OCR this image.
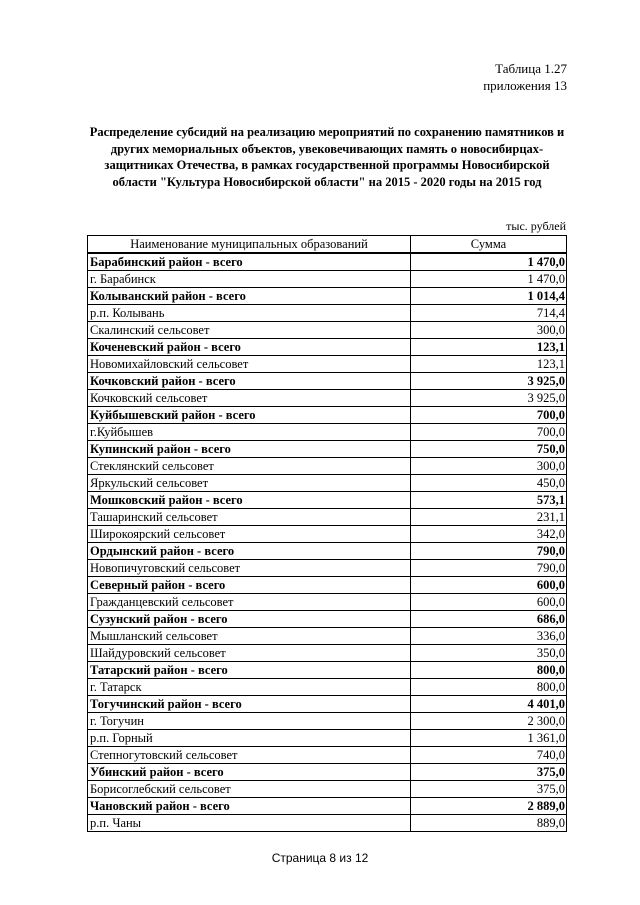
Таблица 1.27
приложения 13
Распределение субсидий на реализацию мероприятий по сохранению памятников и других мемориальных объектов, увековечивающих память о новосибирцах-защитниках Отечества, в рамках государственной программы Новосибирской области "Культура Новосибирской области" на 2015 - 2020 годы на 2015 год
тыс. рублей
Наименование муниципальных образований	Сумма
Барабинский район - всего	1 470,0
г. Барабинск	1 470,0
Колыванский район - всего	1 014,4
р.п. Колывань	714,4
Скалинский сельсовет	300,0
Коченевский район - всего	123,1
Новомихайловский сельсовет	123,1
Кочковский район - всего	3 925,0
Кочковский сельсовет	3 925,0
Куйбышевский район - всего	700,0
г.Куйбышев	700,0
Купинский район - всего	750,0
Стеклянский сельсовет	300,0
Яркульский сельсовет	450,0
Мошковский район - всего	573,1
Ташаринский сельсовет	231,1
Широкоярский сельсовет	342,0
Ордынский район - всего	790,0
Новопичуговский сельсовет	790,0
Северный район - всего	600,0
Гражданцевский сельсовет	600,0
Сузунский район - всего	686,0
Мышланский сельсовет	336,0
Шайдуровский сельсовет	350,0
Татарский район - всего	800,0
г. Татарск	800,0
Тогучинский район - всего	4 401,0
г. Тогучин	2 300,0
р.п. Горный	1 361,0
Степногутовский сельсовет	740,0
Убинский район - всего	375,0
Борисоглебский сельсовет	375,0
Чановский район - всего	2 889,0
р.п. Чаны	889,0
Страница 8 из 12
